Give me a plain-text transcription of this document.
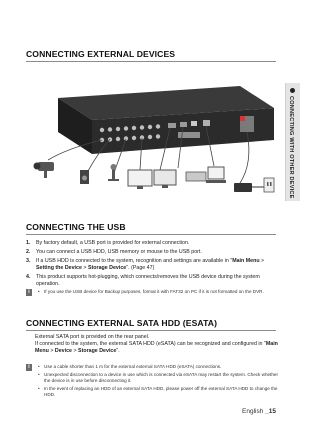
CONNECTING WITH OTHER DEVICE
CONNECTING EXTERNAL DEVICES
CONNECTING THE USB
1. By factory default, a USB port is provided for external connection.
2. You can connect a USB HDD, USB memory or mouse to the USB port.
3. If a USB HDD is connected to the system, recognition and settings are available in "Main Menu > Setting the Device > Storage Device". (Page 47)
4. This product supports hot-plugging, which connects/removes the USB device during the system operation.
i	• If you use the USB device for Backup purposes, format it with FAT32 on PC if it is not formatted on the DVR.
CONNECTING EXTERNAL SATA HDD (ESATA)

External SATA port is provided on the rear panel.

If connected to the system, the external SATA HDD (eSATA) can be recognized and configured in "Main Menu > Device > Storage Device".

i	• Use a cable shorter than 1 m for the external external SATA HDD (eSATA) connections.
• Unexpected disconnection to a device in use which is connected via eSATA may restart the system. Check whether the device is in use before disconnecting it.
• In the event of replacing an HDD of an external SATA HDD, please power off the external SATA HDD to change the HDD.
English _15
